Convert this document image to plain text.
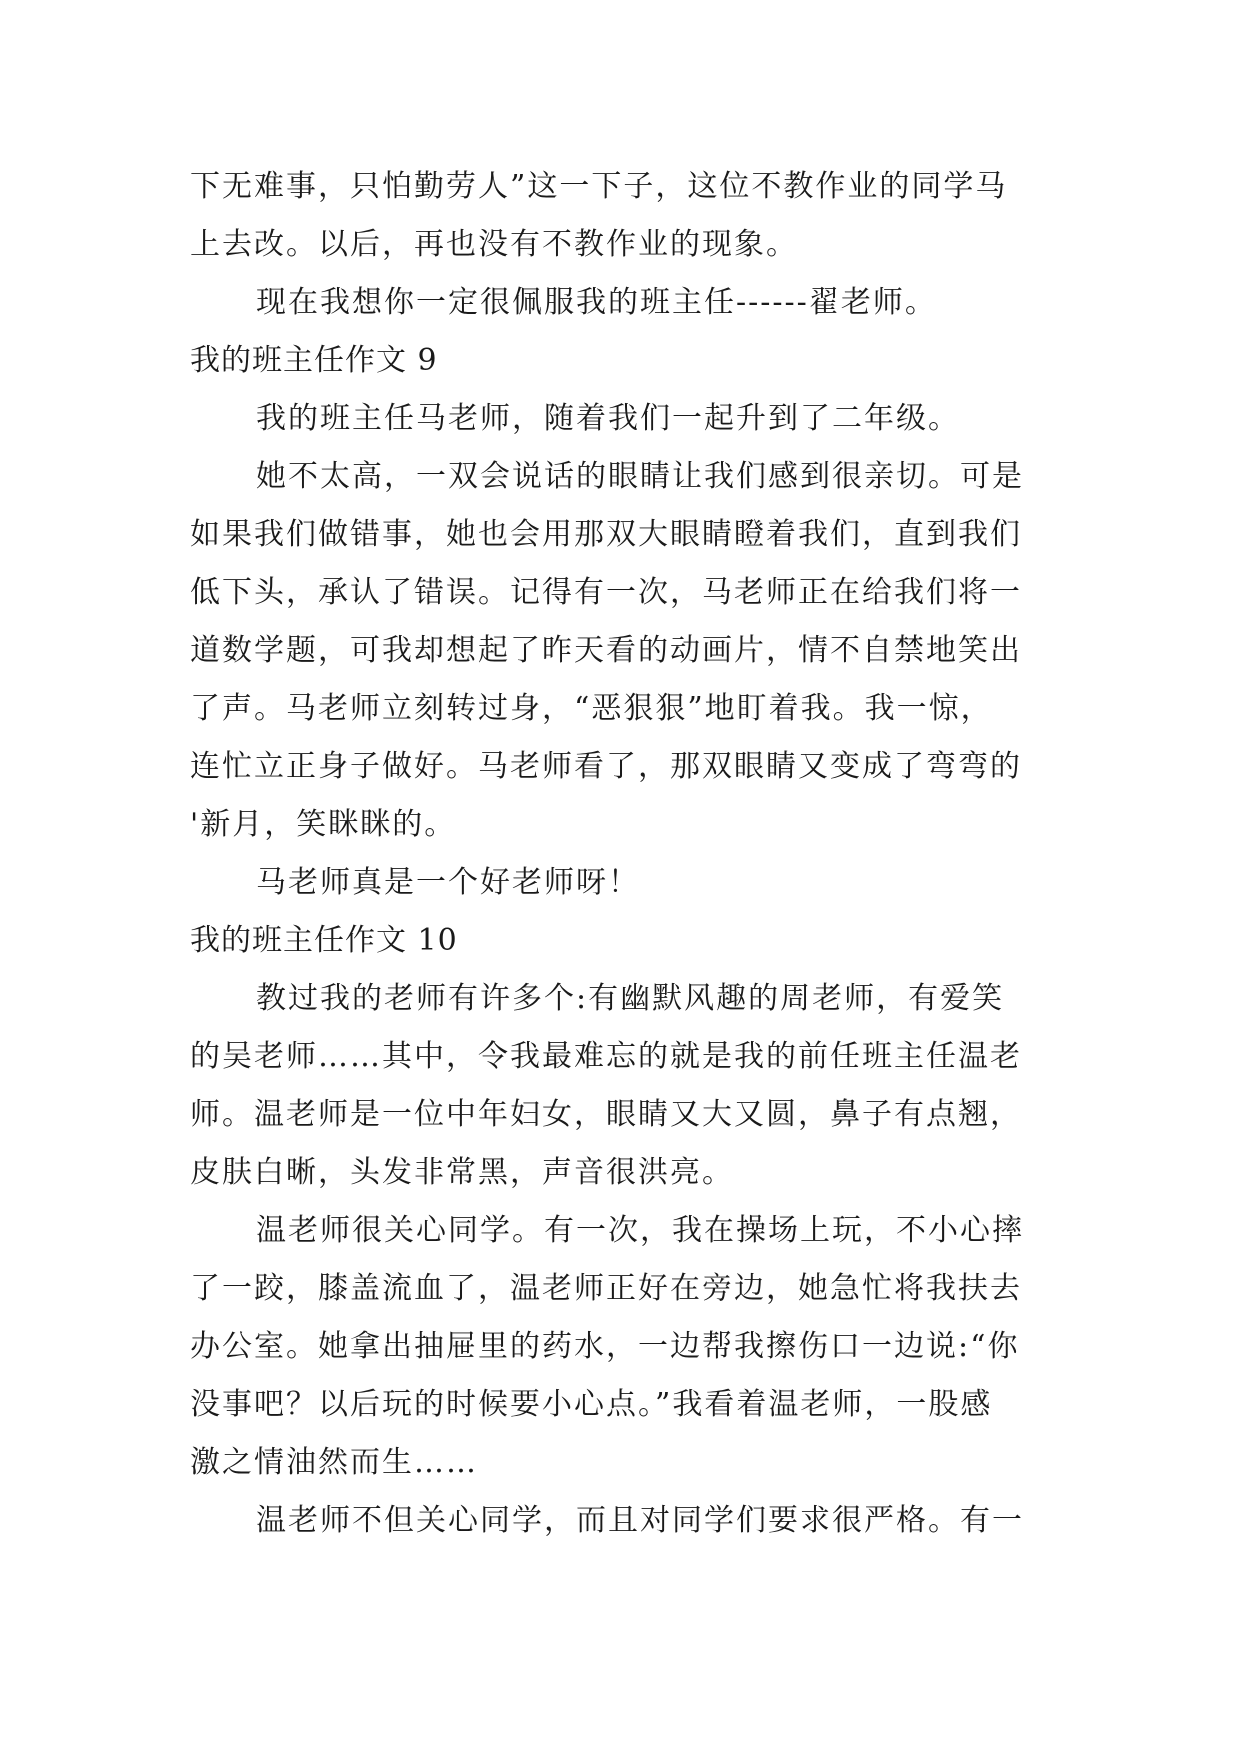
下无难事，只怕勤劳人”这一下子，这位不教作业的同学马
上去改。以后，再也没有不教作业的现象。
现在我想你一定很佩服我的班主任------翟老师。
我的班主任作文 9
我的班主任马老师，随着我们一起升到了二年级。
她不太高，一双会说话的眼睛让我们感到很亲切。可是
如果我们做错事，她也会用那双大眼睛瞪着我们，直到我们
低下头，承认了错误。记得有一次，马老师正在给我们将一
道数学题，可我却想起了昨天看的动画片，情不自禁地笑出
了声。马老师立刻转过身，“恶狠狠”地盯着我。我一惊，
连忙立正身子做好。马老师看了，那双眼睛又变成了弯弯的
'新月，笑眯眯的。
马老师真是一个好老师呀！
我的班主任作文 10
教过我的老师有许多个:有幽默风趣的周老师，有爱笑
的吴老师……其中，令我最难忘的就是我的前任班主任温老
师。温老师是一位中年妇女，眼睛又大又圆，鼻子有点翘，
皮肤白晰，头发非常黑，声音很洪亮。
温老师很关心同学。有一次，我在操场上玩，不小心摔
了一跤，膝盖流血了，温老师正好在旁边，她急忙将我扶去
办公室。她拿出抽屉里的药水，一边帮我擦伤口一边说:“你
没事吧？以后玩的时候要小心点。”我看着温老师，一股感
激之情油然而生……
温老师不但关心同学，而且对同学们要求很严格。有一
